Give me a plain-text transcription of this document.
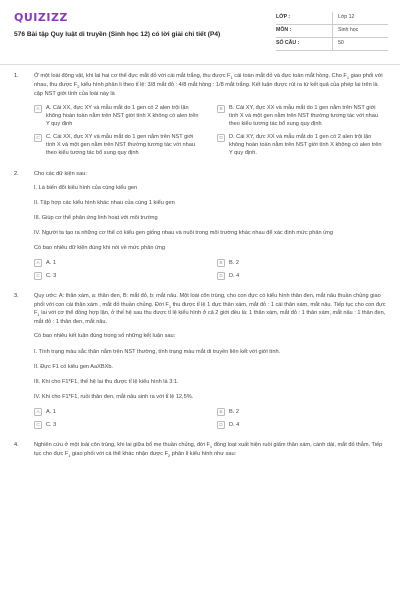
QUIZIZZ
576 Bài tập Quy luật di truyền (Sinh học 12) có lời giải chi tiết (P4)
LỚP :	Lớp 12
MÔN :	Sinh học
SỐ CÂU :	50
1.	Ở một loài động vật, khi lai hai cơ thể đực mắt đỏ với cái mắt trắng, thu được $F_1$ cái toàn mắt đỏ và đực toàn mắt hồng. Cho $F_1$ giao phối với nhau, thu được $F_2$ kiểu hình phân li theo tỉ lệ: 3/8 mắt đỏ : 4/8 mắt hồng : 1/8 mắt trắng. Kết luận được rút ra từ kết quả của phép lai trên là cặp NST giới tính của loài này là
A	A. Cái XX, đực XY và mẫu mắt do 1 gen có 2 alen trội lặn không hoàn toàn nằm trên NST giới tính X không có alen trên Y quy định
B	B. Cái XY, đực XX và mẫu mắt do 1 gen nằm trên NST giới tính X và một gen nằm trên NST thường tương tác với nhau theo kiểu tương tác bổ sung quy định
C	C. Cái XX, đực XY và mẫu mắt do 1 gen nằm trên NST giới tính X và một gen nằm trên NST thường tương tác với nhau theo kiểu tương tác bổ sung quy định
D	D. Cái XY, đực XX và mẫu mắt do 1 gen có 2 alen trội lặn không hoàn toàn nằm trên NST giới tính X không có alen trên Y quy định.
2.	Cho các dữ kiện sau:
I. Là biến đổi kiểu hình của cùng kiểu gen
II. Tập hợp các kiểu hình khác nhau của cùng 1 kiểu gen
III. Giúp cơ thể phản ứng linh hoạt với môi trường
IV. Người ta tạo ra những cơ thể có kiểu gen giống nhau và nuôi trong môi trường khác nhau để xác định mức phản ứng
Có bao nhiêu dữ kiện đúng khi nói về mức phản ứng
A	A. 1	B	B. 2
C	C. 3	D	D. 4
3.	Quy ước: A: thân xám, a: thân đen, B: mắt đỏ, b: mắt nâu. Một loài côn trùng, cho con đực có kiểu hình thân đen, mắt nâu thuần chủng giao phối với con cái thân xám , mắt đỏ thuần chủng. Đời $F_1$ thu được tỉ lệ 1 đực thân xám, mắt đỏ : 1 cái thân xám, mắt nâu. Tiếp tục cho con đực $F_1$ lai với cơ thể đồng hợp lặn, ở thế hệ sau thu được tỉ lệ kiểu hình ở cả 2 giới đều là: 1 thân xám, mắt đỏ : 1 thân xám, mắt nâu : 1 thân đen, mắt đỏ : 1 thân đen, mắt nâu.
Có bao nhiêu kết luận đúng trong số những kết luận sau:
I. Tính trạng màu sắc thân nằm trên NST thường, tính trạng màu mắt di truyền liên kết với giới tính.
II. Đực F1 có kiểu gen AaXBXb.
III. Khi cho F1*F1, thế hệ lai thu được tỉ lệ kiểu hình là 3:1.
IV. Khi cho F1*F1, ruồi thân đen, mắt nâu sinh ra với tỉ lệ 12,5%.
A	A. 1	B	B. 2
C	C. 3	D	D. 4
4.	Nghiên cứu ở một loài côn trùng, khi lai giữa bố mẹ thuần chủng, đời $F_1$ đồng loạt xuất hiện ruồi giấm thân xám, cánh dài, mắt đỏ thắm. Tiếp tục cho đực $F_1$ giao phối với cá thể khác nhận được $F_2$ phân li kiểu hình như sau:
